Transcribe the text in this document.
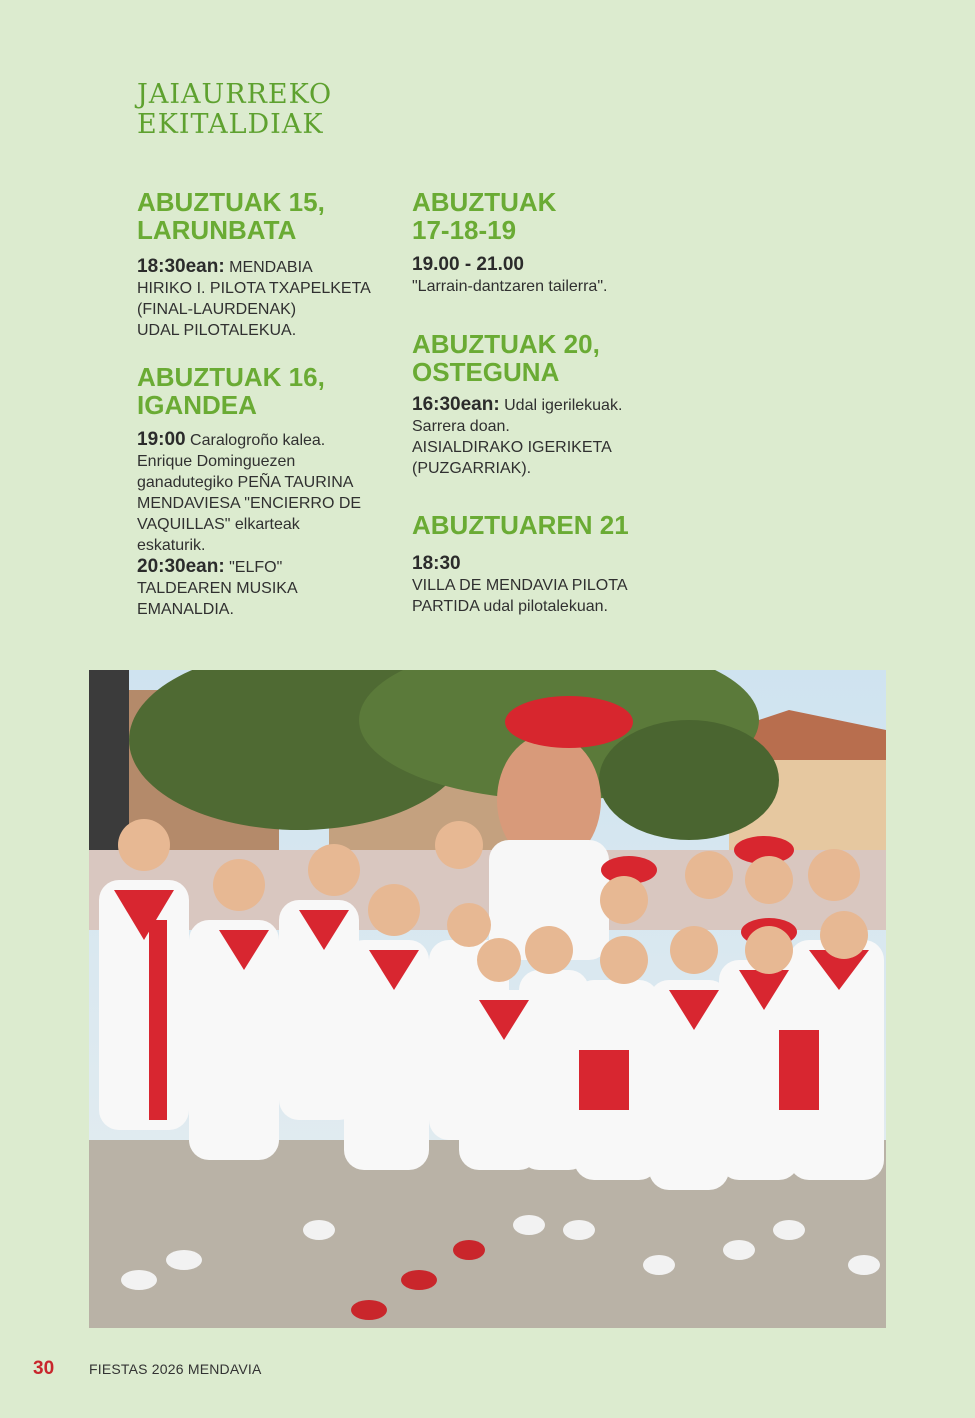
JAIAURREKO
EKITALDIAK
ABUZTUAK 15,
LARUNBATA

18:30ean: MENDABIA

HIRIKO I. PILOTA TXAPELKETA

(FINAL-LAURDENAK)

UDAL PILOTALEKUA.

ABUZTUAK 16,
IGANDEA

19:00 Caralogroño kalea.

Enrique Dominguezen

ganadutegiko PEÑA TAURINA

MENDAVIESA "ENCIERRO DE

VAQUILLAS" elkarteak

eskaturik.

20:30ean: "ELFO"

TALDEAREN MUSIKA

EMANALDIA.

ABUZTUAK
17-18-19

19.00 - 21.00

"Larrain-dantzaren tailerra".

ABUZTUAK 20,
OSTEGUNA

16:30ean: Udal igerilekuak.

Sarrera doan.

AISIALDIRAKO IGERIKETA

(PUZGARRIAK).

ABUZTUAREN 21

18:30

VILLA DE MENDAVIA PILOTA

PARTIDA udal pilotalekuan.

30 FIESTAS 2026 MENDAVIA
